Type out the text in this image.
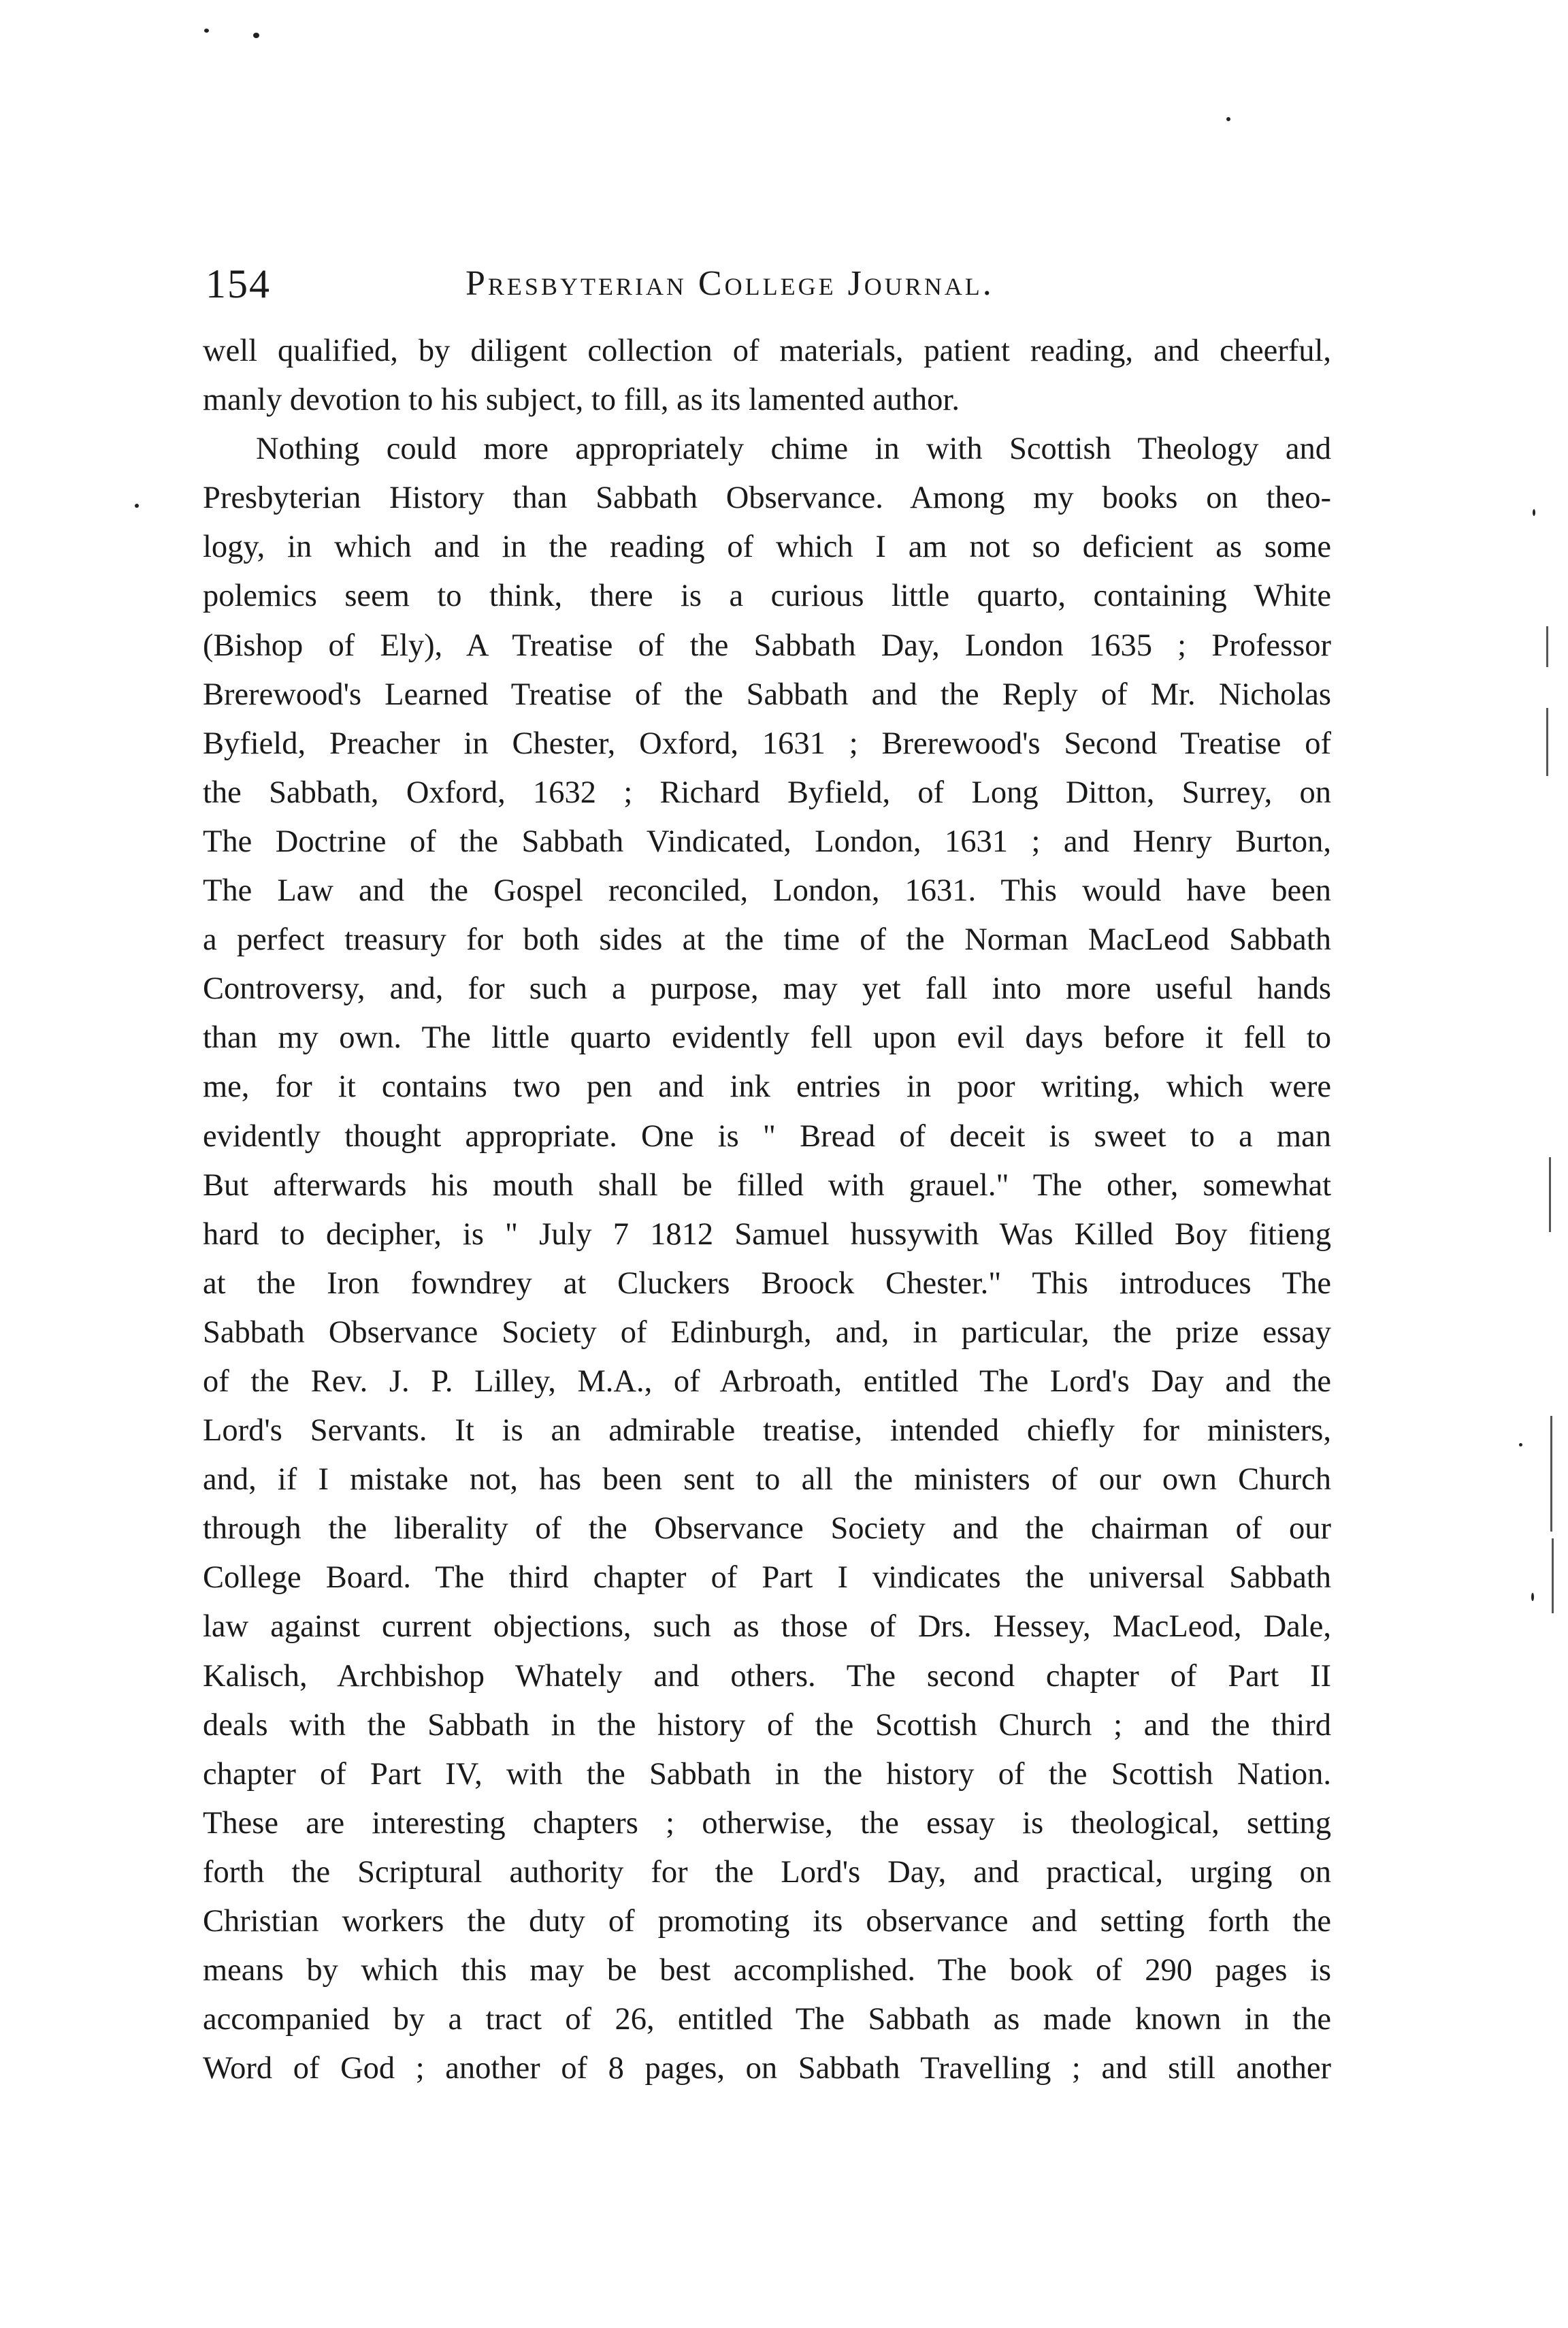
154	Presbyterian College Journal.
well qualified, by diligent collection of materials, patient reading, and cheerful,
manly devotion to his subject, to fill, as its lamented author.
Nothing could more appropriately chime in with Scottish Theology and
Presbyterian History than Sabbath Observance. Among my books on theo-
logy, in which and in the reading of which I am not so deficient as some
polemics seem to think, there is a curious little quarto, containing White
(Bishop of Ely), A Treatise of the Sabbath Day, London 1635 ; Professor
Brerewood's Learned Treatise of the Sabbath and the Reply of Mr. Nicholas
Byfield, Preacher in Chester, Oxford, 1631 ; Brerewood's Second Treatise of
the Sabbath, Oxford, 1632 ; Richard Byfield, of Long Ditton, Surrey, on
The Doctrine of the Sabbath Vindicated, London, 1631 ; and Henry Burton,
The Law and the Gospel reconciled, London, 1631. This would have been
a perfect treasury for both sides at the time of the Norman MacLeod Sabbath
Controversy, and, for such a purpose, may yet fall into more useful hands
than my own. The little quarto evidently fell upon evil days before it fell to
me, for it contains two pen and ink entries in poor writing, which were
evidently thought appropriate. One is " Bread of deceit is sweet to a man
But afterwards his mouth shall be filled with grauel." The other, somewhat
hard to decipher, is " July 7 1812 Samuel hussywith Was Killed Boy fitieng
at the Iron fowndrey at Cluckers Broock Chester." This introduces The
Sabbath Observance Society of Edinburgh, and, in particular, the prize essay
of the Rev. J. P. Lilley, M.A., of Arbroath, entitled The Lord's Day and the
Lord's Servants. It is an admirable treatise, intended chiefly for ministers,
and, if I mistake not, has been sent to all the ministers of our own Church
through the liberality of the Observance Society and the chairman of our
College Board. The third chapter of Part I vindicates the universal Sabbath
law against current objections, such as those of Drs. Hessey, MacLeod, Dale,
Kalisch, Archbishop Whately and others. The second chapter of Part II
deals with the Sabbath in the history of the Scottish Church ; and the third
chapter of Part IV, with the Sabbath in the history of the Scottish Nation.
These are interesting chapters ; otherwise, the essay is theological, setting
forth the Scriptural authority for the Lord's Day, and practical, urging on
Christian workers the duty of promoting its observance and setting forth the
means by which this may be best accomplished. The book of 290 pages is
accompanied by a tract of 26, entitled The Sabbath as made known in the
Word of God ; another of 8 pages, on Sabbath Travelling ; and still another
